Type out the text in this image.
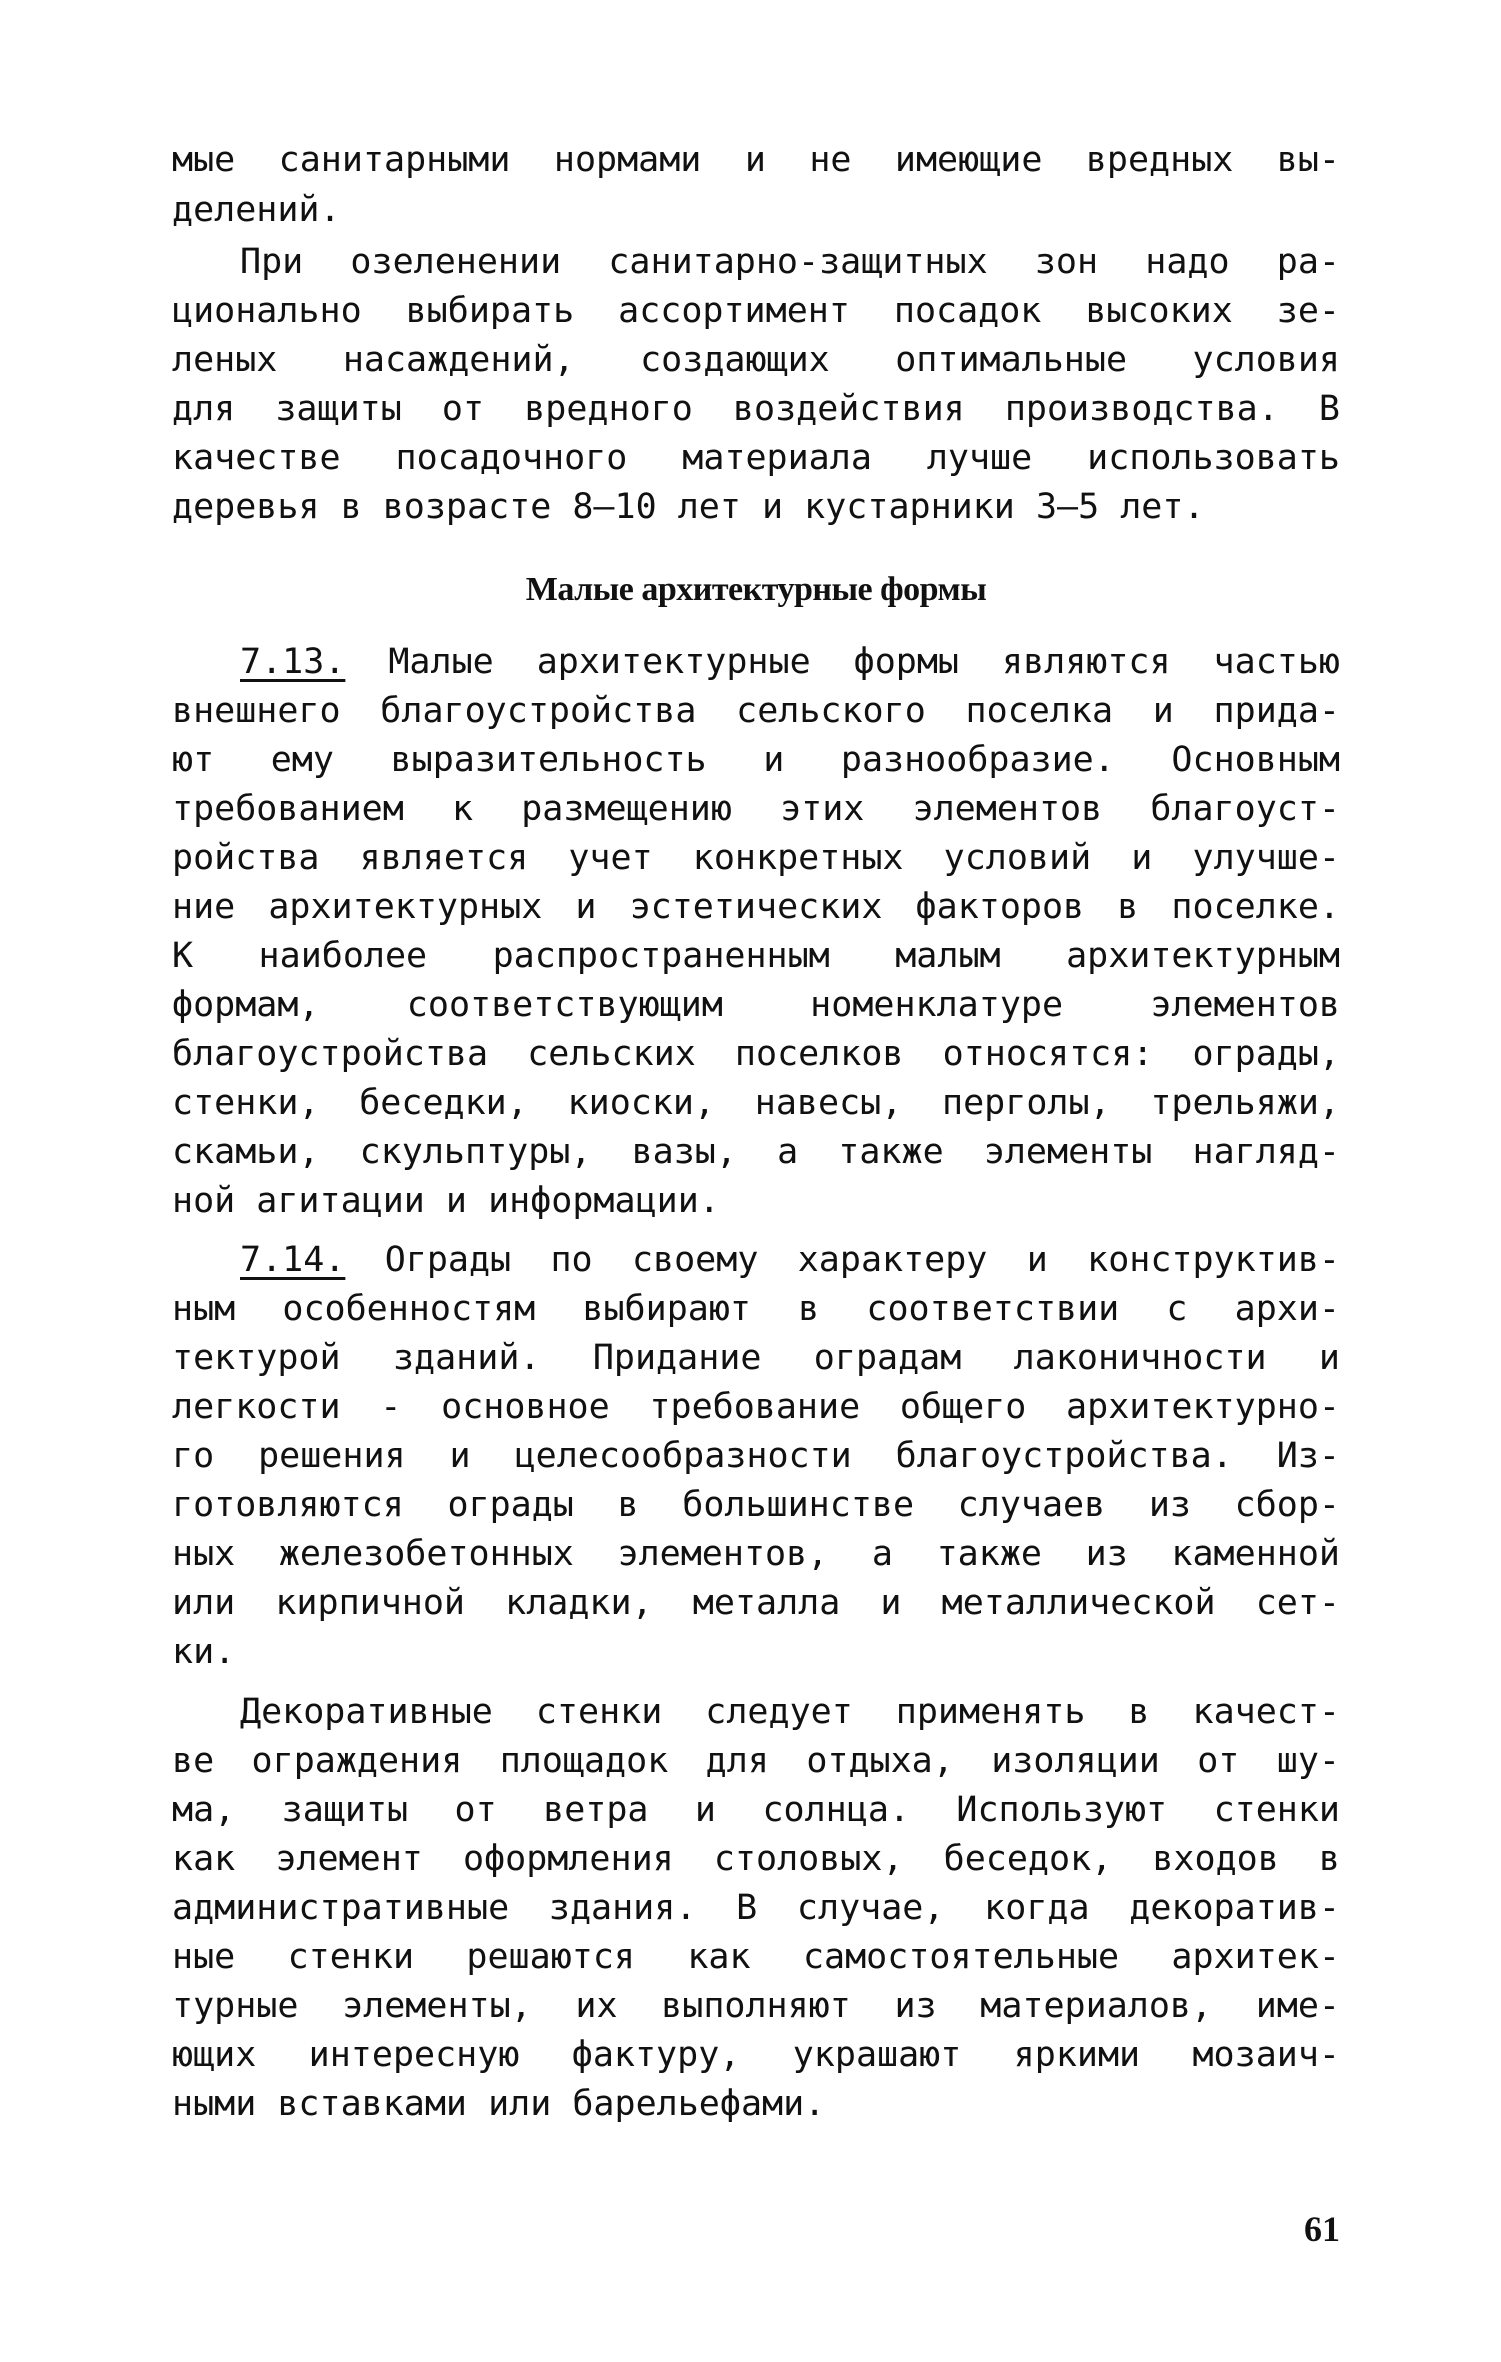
мые санитарными нормами и не имеющие вредных вы-

делений.

При озеленении санитарно-защитных зон надо ра-

ционально выбирать ассортимент посадок высоких зе-

леных насаждений, создающих оптимальные условия

для защиты от вредного воздействия производства. В

качестве посадочного материала лучше использовать

деревья в возрасте 8–10 лет и кустарники 3–5 лет.

Малые архитектурные формы

7.13. Малые архитектурные формы являются частью

внешнего благоустройства сельского поселка и прида-

ют ему выразительность и разнообразие. Основным

требованием к размещению этих элементов благоуст-

ройства является учет конкретных условий и улучше-

ние архитектурных и эстетических факторов в поселке.

К наиболее распространенным малым архитектурным

формам, соответствующим номенклатуре элементов

благоустройства сельских поселков относятся: ограды,

стенки, беседки, киоски, навесы, перголы, трельяжи,

скамьи, скульптуры, вазы, а также элементы нагляд-

ной агитации и информации.

7.14. Ограды по своему характеру и конструктив-

ным особенностям выбирают в соответствии с архи-

тектурой зданий. Придание оградам лаконичности и

легкости - основное требование общего архитектурно-

го решения и целесообразности благоустройства. Из-

готовляются ограды в большинстве случаев из сбор-

ных железобетонных элементов, а также из каменной

или кирпичной кладки, металла и металлической сет-

ки.

Декоративные стенки следует применять в качест-

ве ограждения площадок для отдыха, изоляции от шу-

ма, защиты от ветра и солнца. Используют стенки

как элемент оформления столовых, беседок, входов в

административные здания. В случае, когда декоратив-

ные стенки решаются как самостоятельные архитек-

турные элементы, их выполняют из материалов, име-

ющих интересную фактуру, украшают яркими мозаич-

ными вставками или барельефами.

61
